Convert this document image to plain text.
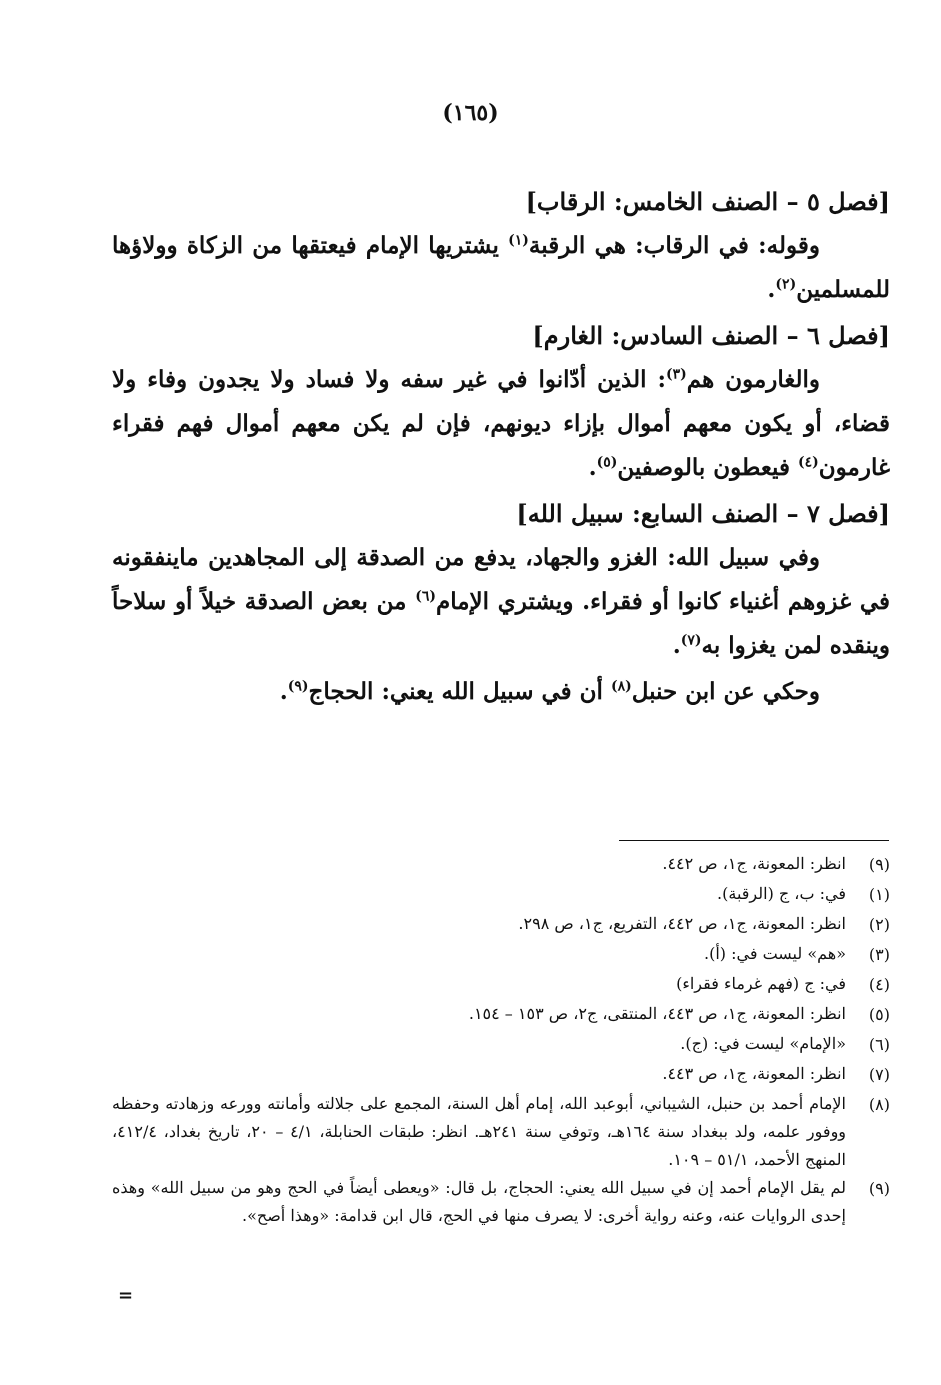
(١٦٥)
[فصل ٥ – الصنف الخامس: الرقاب]
وقوله: في الرقاب: هي الرقبة$^{(١)}$ يشتريها الإمام فيعتقها من الزكاة وولاؤها للمسلمين$^{(٢)}$.
[فصل ٦ – الصنف السادس: الغارم]
والغارمون هم$^{(٣)}$: الذين أدّانوا في غير سفه ولا فساد ولا يجدون وفاء ولا قضاء، أو يكون معهم أموال بإزاء ديونهم، فإن لم يكن معهم أموال فهم فقراء غارمون$^{(٤)}$ فيعطون بالوصفين$^{(٥)}$.
[فصل ٧ – الصنف السابع: سبيل الله]
وفي سبيل الله: الغزو والجهاد، يدفع من الصدقة إلى المجاهدين ماينفقونه في غزوهم أغنياء كانوا أو فقراء. ويشتري الإمام$^{(٦)}$ من بعض الصدقة خيلاً أو سلاحاً وينقده لمن يغزوا به$^{(٧)}$.
وحكي عن ابن حنبل$^{(٨)}$ أن في سبيل الله يعني: الحجاج$^{(٩)}$.
(٩)
انظر: المعونة، ج١، ص ٤٤٢.
(١)
في: ب، ج (الرقبة).
(٢)
انظر: المعونة، ج١، ص ٤٤٢، التفريع، ج١، ص ٢٩٨.
(٣)
«هم» ليست في: (أ).
(٤)
في: ج (فهم غرماء فقراء)
(٥)
انظر: المعونة، ج١، ص ٤٤٣، المنتقى، ج٢، ص ١٥٣ – ١٥٤.
(٦)
«الإمام» ليست في: (ج).
(٧)
انظر: المعونة، ج١، ص ٤٤٣.
(٨)
الإمام أحمد بن حنبل، الشيباني، أبوعبد الله، إمام أهل السنة، المجمع على جلالته وأمانته وورعه وزهادته وحفظه ووفور علمه، ولد ببغداد سنة ١٦٤هـ، وتوفي سنة ٢٤١هـ. انظر: طبقات الحنابلة، ٤/١ – ٢٠، تاريخ بغداد، ٤١٢/٤، المنهج الأحمد، ٥١/١ – ١٠٩.
(٩)
لم يقل الإمام أحمد إن في سبيل الله يعني: الحجاج، بل قال: «ويعطى أيضاً في الحج وهو من سبيل الله» وهذه إحدى الروايات عنه، وعنه رواية أخرى: لا يصرف منها في الحج، قال ابن قدامة: «وهذا أصح».
=
